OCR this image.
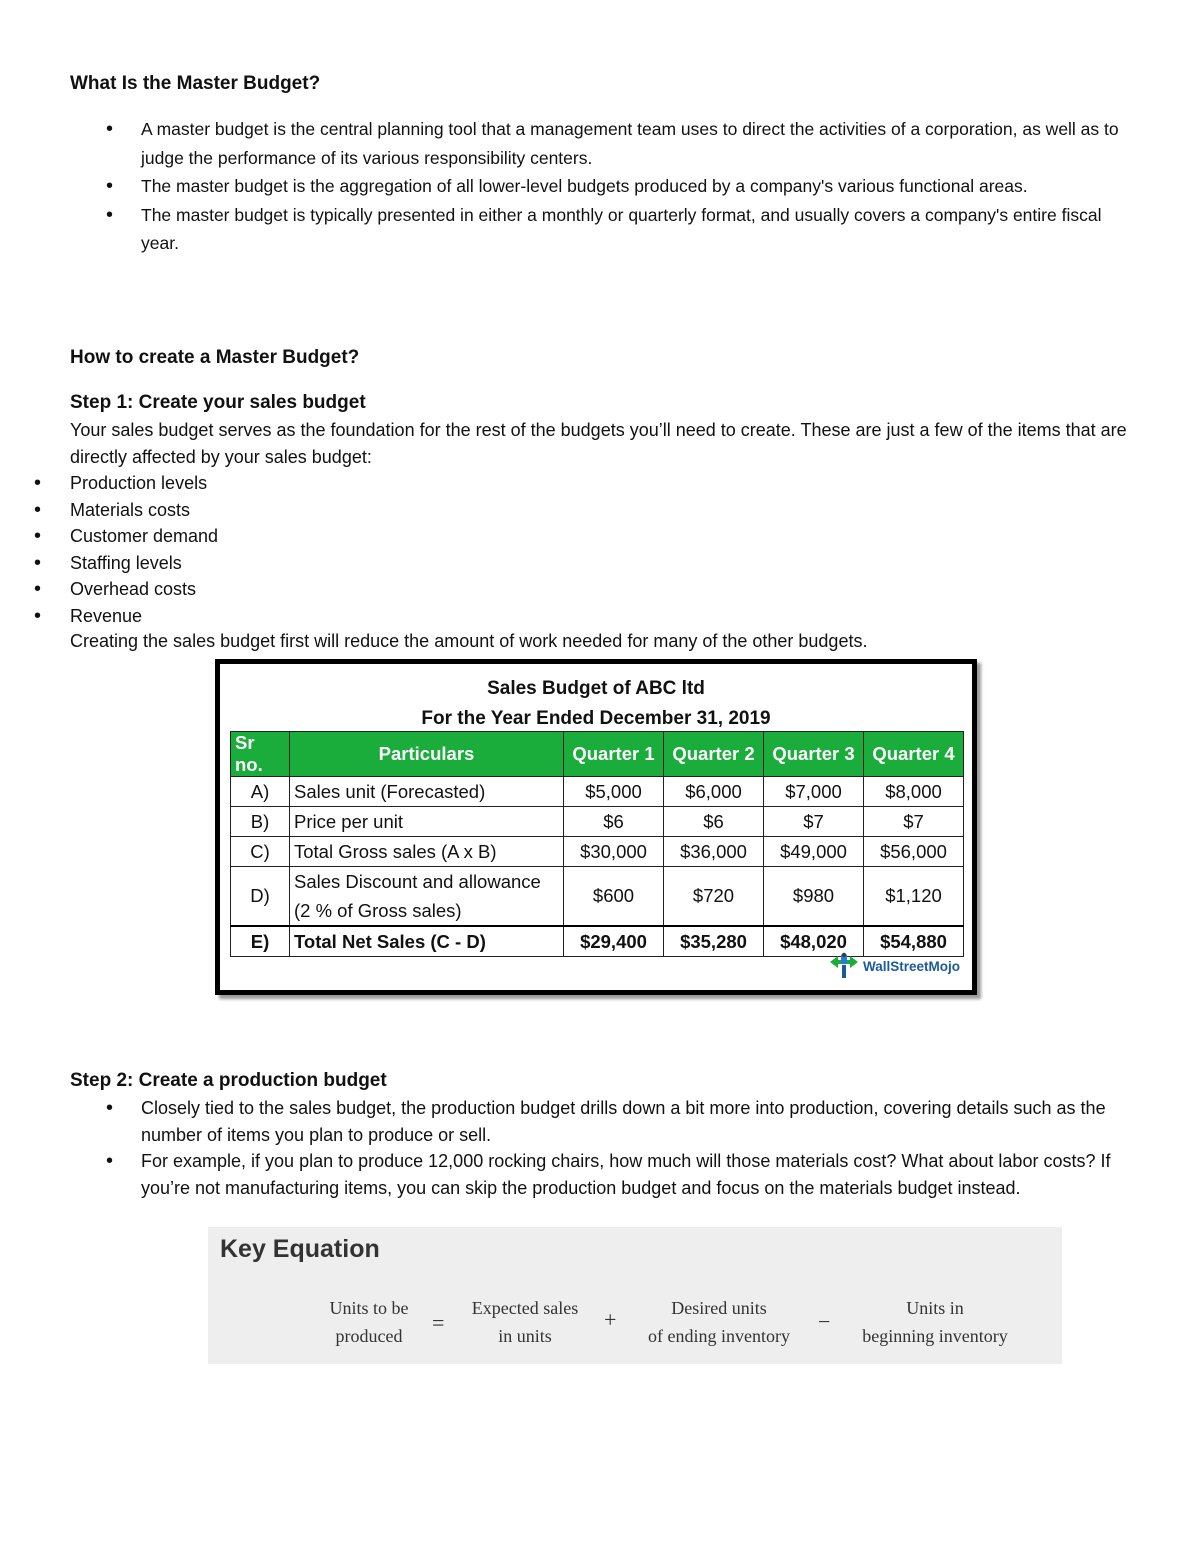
What Is the Master Budget?
• A master budget is the central planning tool that a management team uses to direct the activities of a corporation, as well as to judge the performance of its various responsibility centers.
• The master budget is the aggregation of all lower-level budgets produced by a company's various functional areas.
• The master budget is typically presented in either a monthly or quarterly format, and usually covers a company's entire fiscal year.
How to create a Master Budget?
Step 1: Create your sales budget
Your sales budget serves as the foundation for the rest of the budgets you’ll need to create. These are just a few of the items that are directly affected by your sales budget:
• Production levels
• Materials costs
• Customer demand
• Staffing levels
• Overhead costs
• Revenue
Creating the sales budget first will reduce the amount of work needed for many of the other budgets.
Sales Budget of ABC ltd
For the Year Ended December 31, 2019
Sr no.	Particulars	Quarter 1	Quarter 2	Quarter 3	Quarter 4
A)	Sales unit (Forecasted)	$5,000	$6,000	$7,000	$8,000
B)	Price per unit	$6	$6	$7	$7
C)	Total Gross sales (A x B)	$30,000	$36,000	$49,000	$56,000
D)	Sales Discount and allowance
(2 % of Gross sales)	$600	$720	$980	$1,120
E)	Total Net Sales (C - D)	$29,400	$35,280	$48,020	$54,880
WallStreetMojo
Step 2: Create a production budget
• Closely tied to the sales budget, the production budget drills down a bit more into production, covering details such as the number of items you plan to produce or sell.
• For example, if you plan to produce 12,000 rocking chairs, how much will those materials cost? What about labor costs? If you’re not manufacturing items, you can skip the production budget and focus on the materials budget instead.
Key Equation
Units to be
produced
=
Expected sales
in units
+	Desired units
of ending inventory
−
Units in
beginning inventory
